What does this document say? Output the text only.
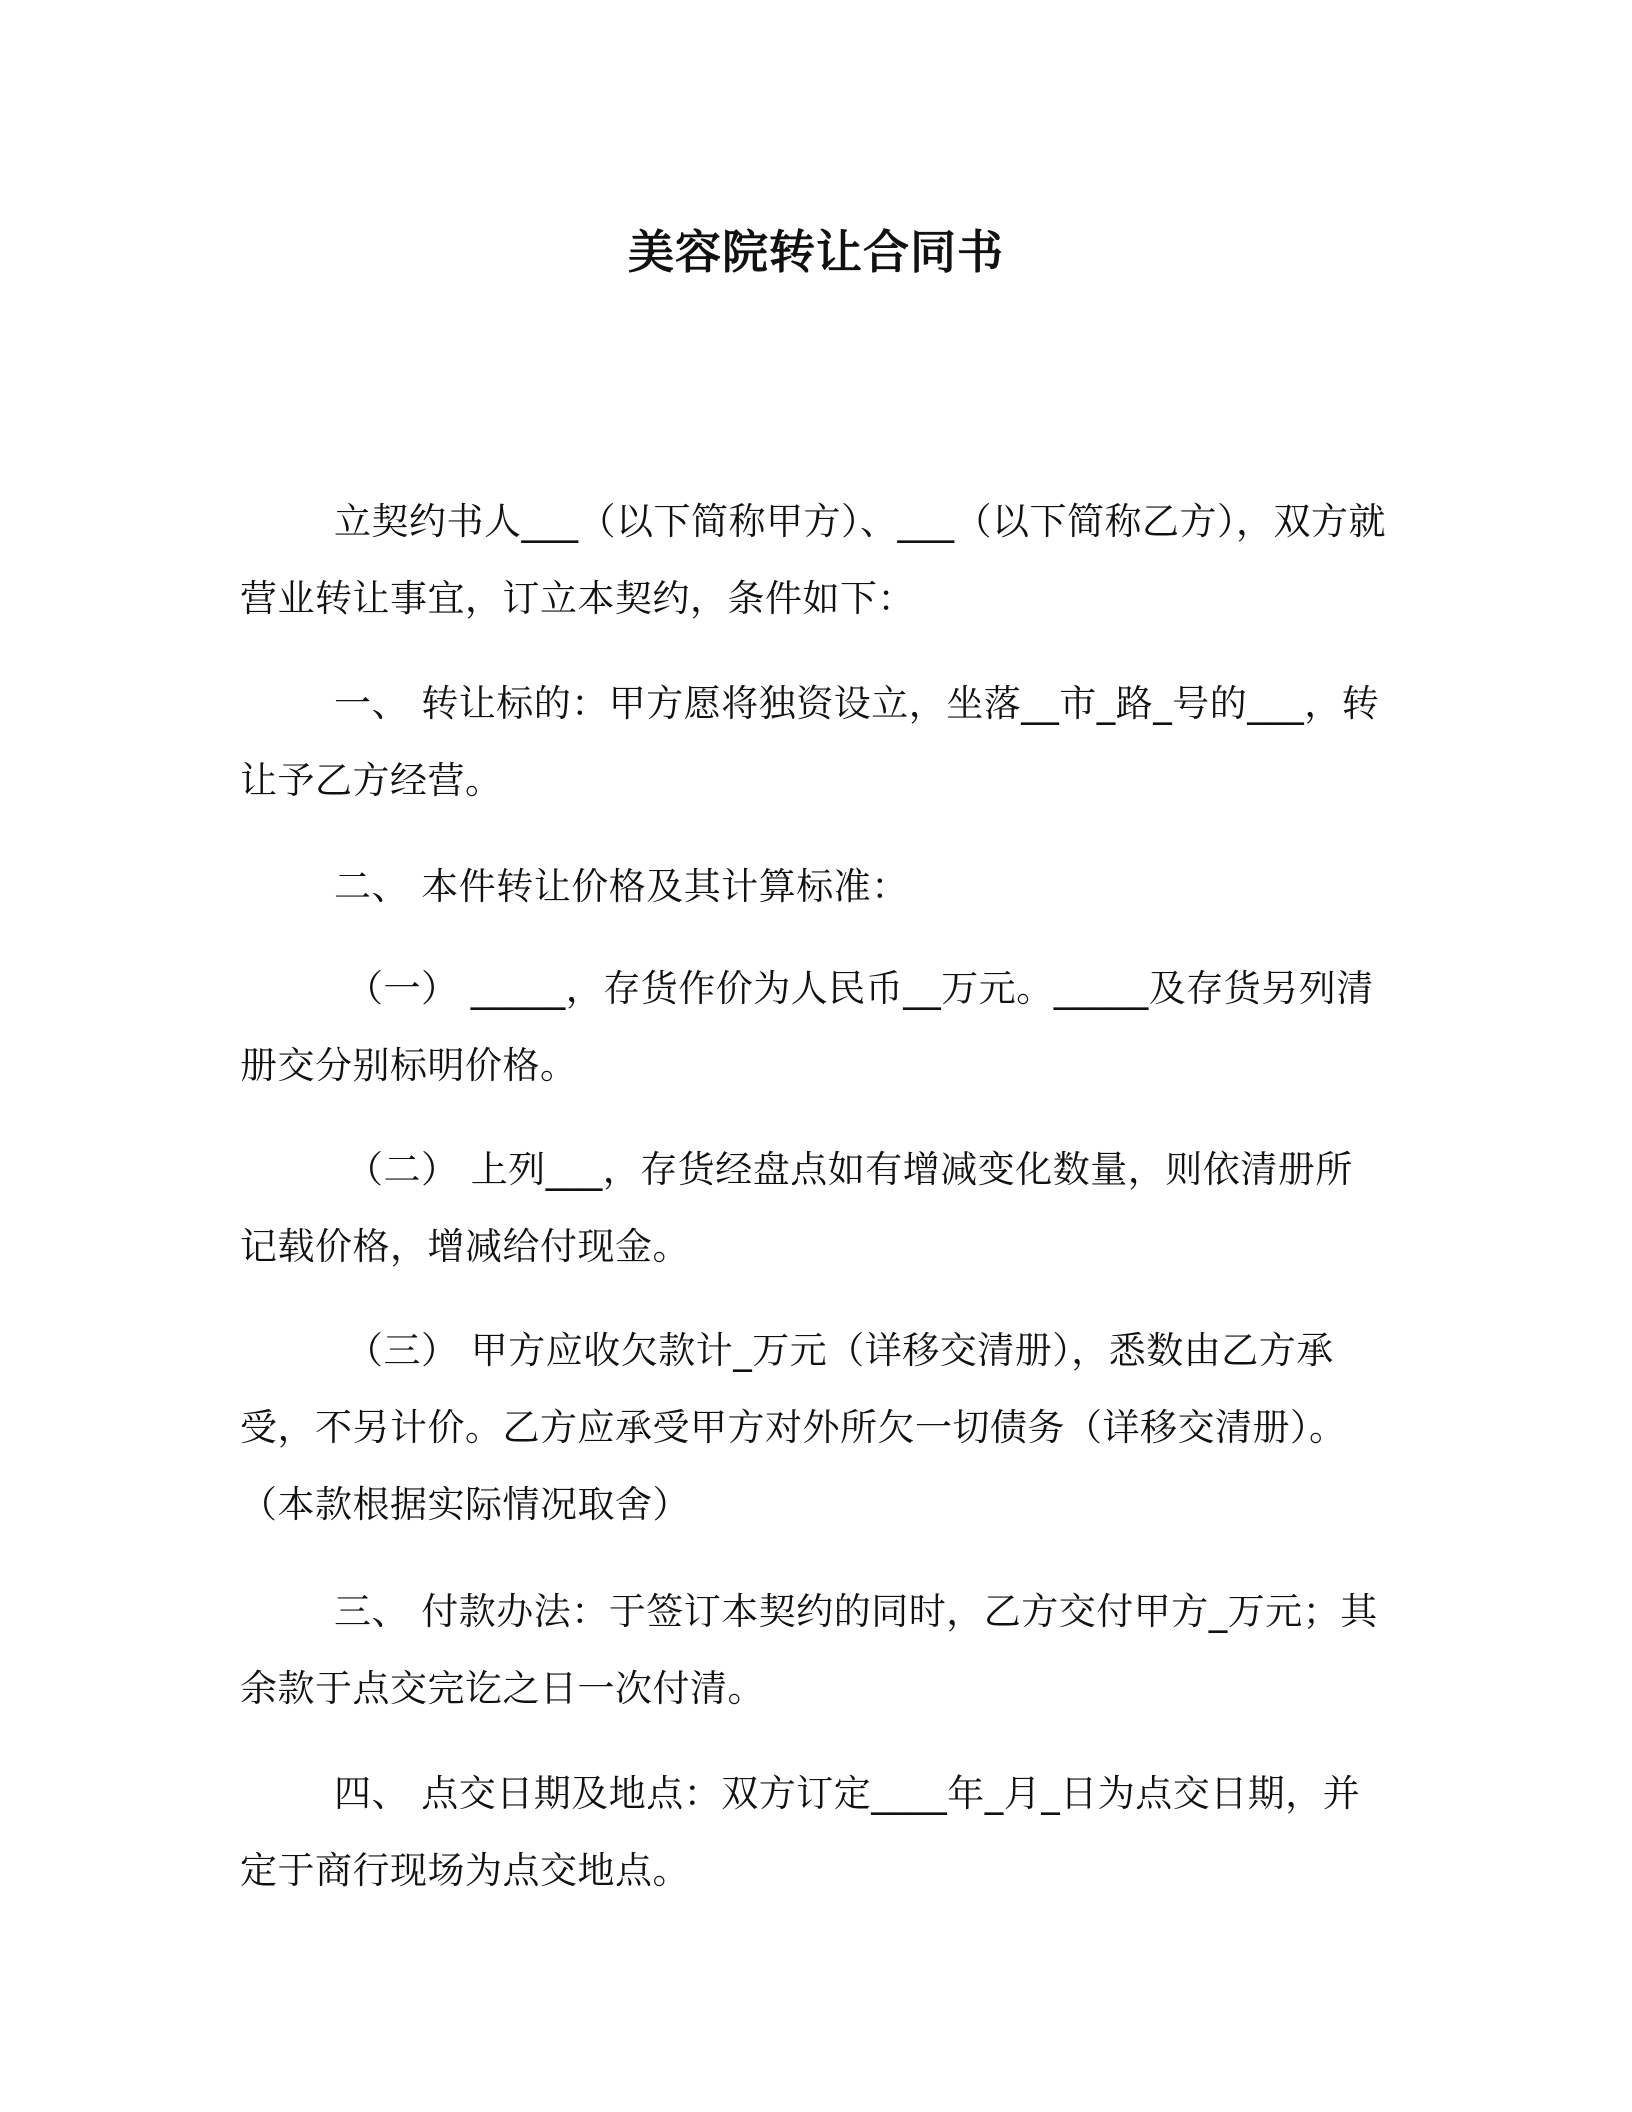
美容院转让合同书

立契约书人___（以下简称甲方）、___（以下简称乙方），双方就营业转让事宜，订立本契约，条件如下：

一、 转让标的：甲方愿将独资设立，坐落__市_路_号的___，转让予乙方经营。

二、 本件转让价格及其计算标准：

（一） _____，存货作价为人民币__万元。_____及存货另列清册交分别标明价格。

（二） 上列___，存货经盘点如有增减变化数量，则依清册所记载价格，增减给付现金。

（三） 甲方应收欠款计_万元（详移交清册），悉数由乙方承受，不另计价。乙方应承受甲方对外所欠一切债务（详移交清册）。（本款根据实际情况取舍）

三、 付款办法：于签订本契约的同时，乙方交付甲方_万元；其余款于点交完讫之日一次付清。

四、 点交日期及地点：双方订定____年_月_日为点交日期，并定于商行现场为点交地点。
